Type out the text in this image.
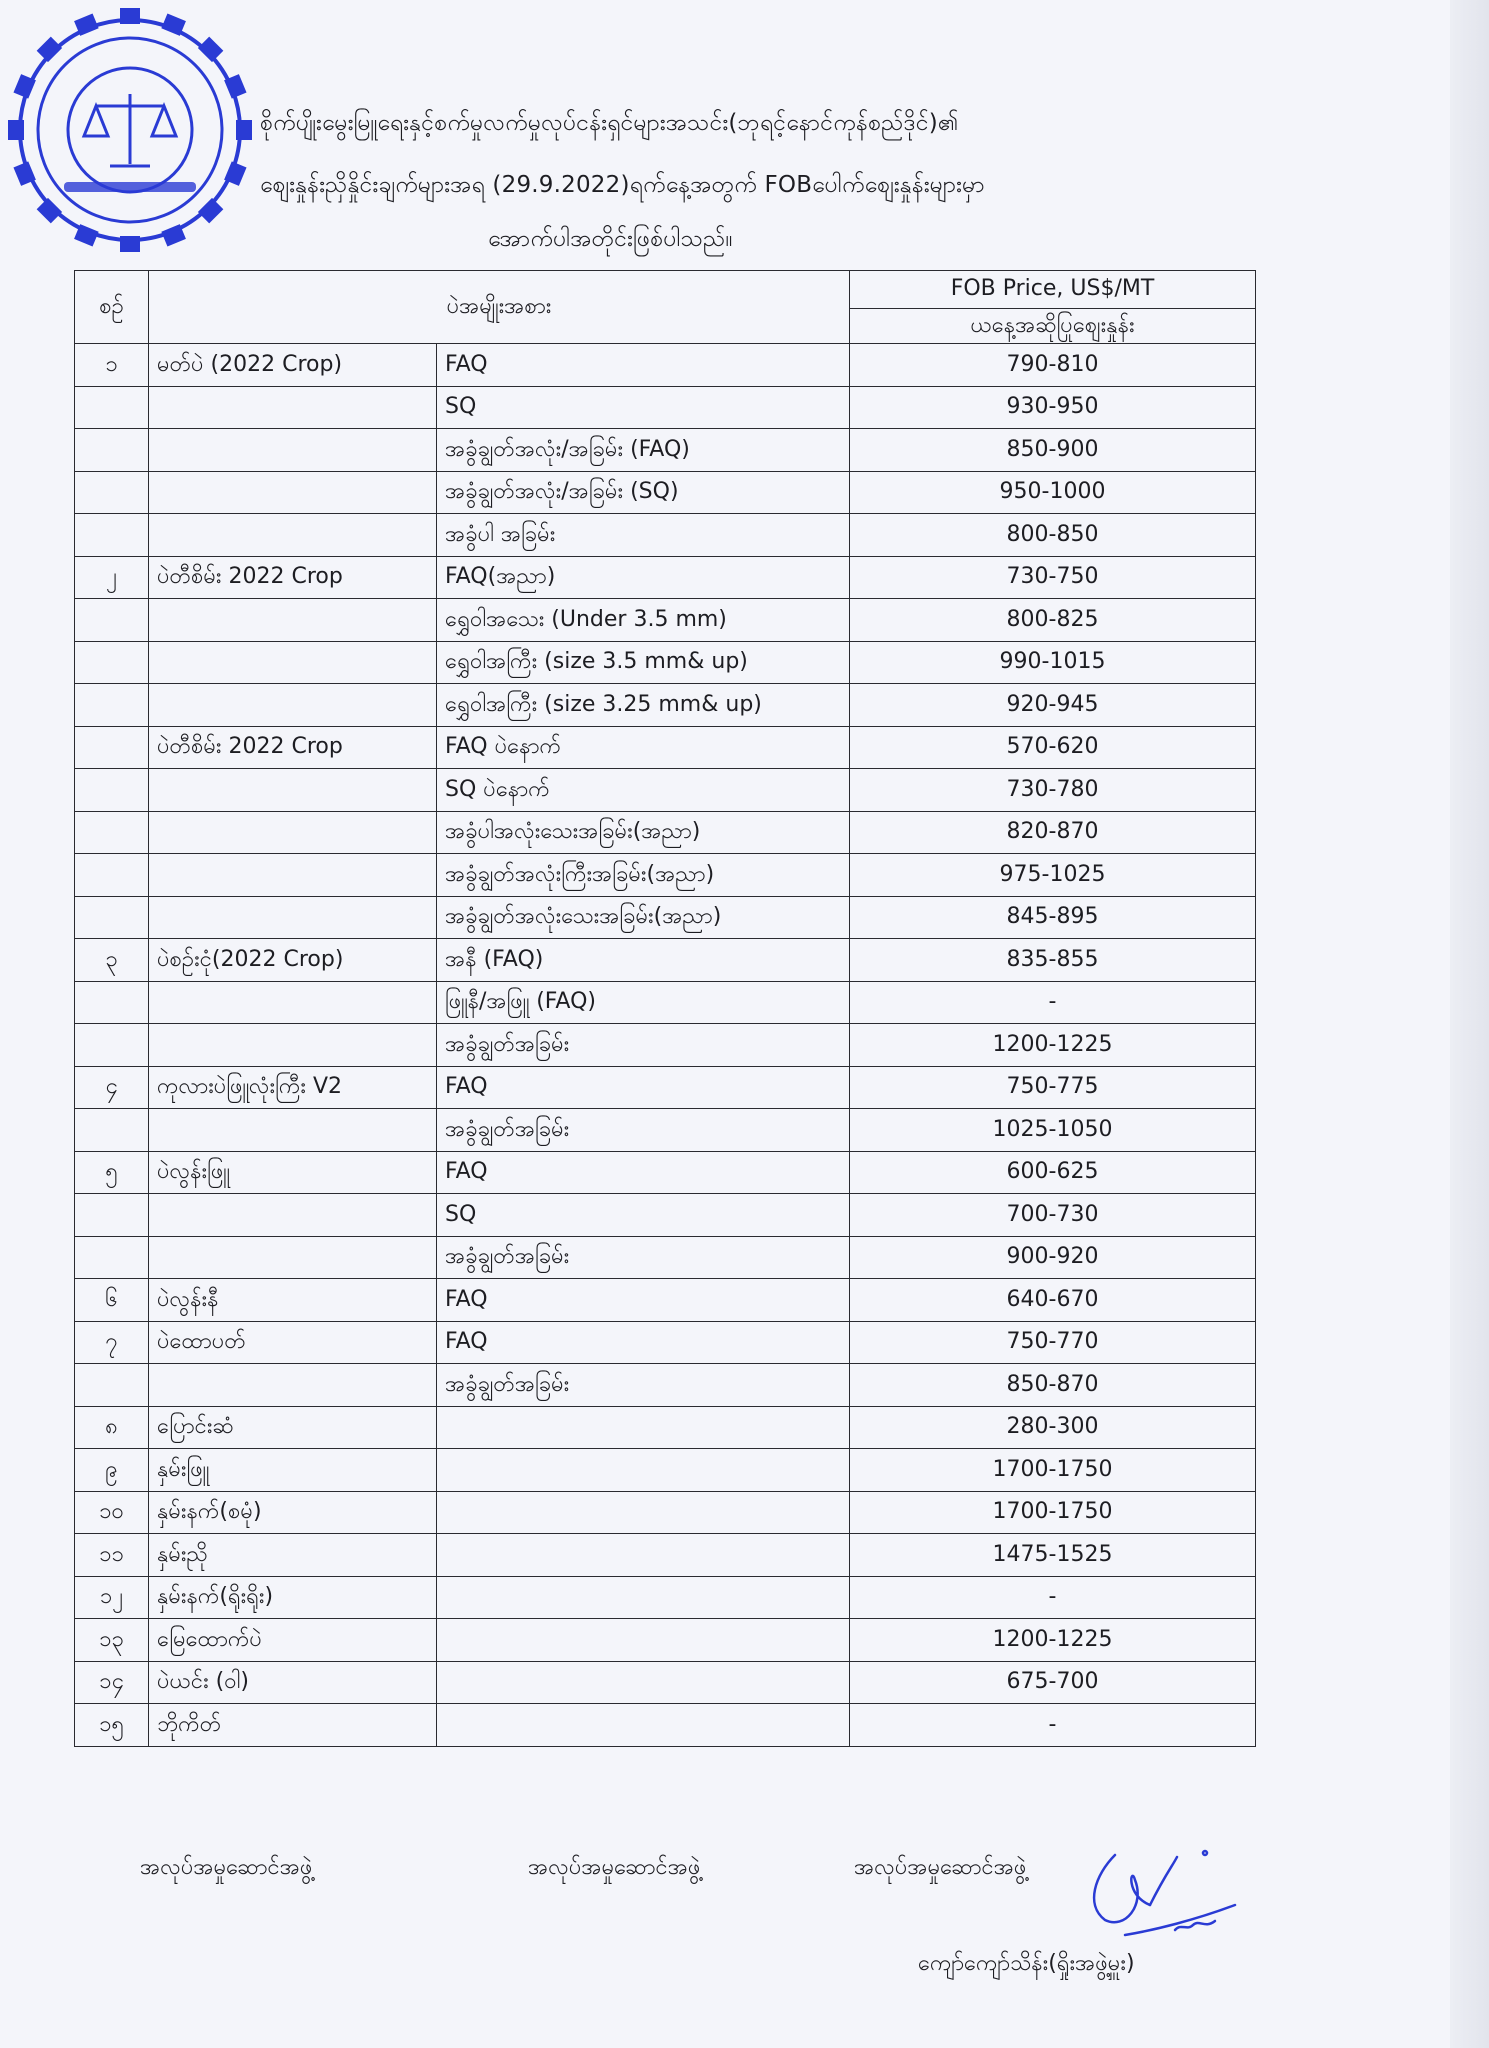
စိုက်ပျိုးမွေးမြူရေးနှင့်စက်မှုလက်မှုလုပ်ငန်းရှင်များအသင်း(ဘုရင့်နောင်ကုန်စည်ဒိုင်)၏
စျေးနှုန်းညှိနှိုင်းချက်များအရ (29.9.2022)ရက်နေ့အတွက် FOBပေါက်စျေးနှုန်းများမှာ
အောက်ပါအတိုင်းဖြစ်ပါသည်။
စဉ်	ပဲအမျိုးအစား		FOB Price, US$/MT
			ယနေ့အဆိုပြုစျေးနှုန်း
၁	မတ်ပဲ (2022 Crop)	FAQ	790-810
		SQ	930-950
		အခွံချွတ်အလုံး/အခြမ်း (FAQ)	850-900
		အခွံချွတ်အလုံး/အခြမ်း (SQ)	950-1000
		အခွံပါ အခြမ်း	800-850
၂	ပဲတီစိမ်း 2022 Crop	FAQ(အညာ)	730-750
		ရွှေဝါအသေး (Under 3.5 mm)	800-825
		ရွှေဝါအကြီး (size 3.5 mm& up)	990-1015
		ရွှေဝါအကြီး (size 3.25 mm& up)	920-945
	ပဲတီစိမ်း 2022 Crop	FAQ ပဲနောက်	570-620
		SQ ပဲနောက်	730-780
		အခွံပါအလုံးသေးအခြမ်း(အညာ)	820-870
		အခွံချွတ်အလုံးကြီးအခြမ်း(အညာ)	975-1025
		အခွံချွတ်အလုံးသေးအခြမ်း(အညာ)	845-895
၃	ပဲစဉ်းငုံ(2022 Crop)	အနီ (FAQ)	835-855
		ဖြူနီ/အဖြူ (FAQ)	-
		အခွံချွတ်အခြမ်း	1200-1225
၄	ကုလားပဲဖြူလုံးကြီး V2	FAQ	750-775
		အခွံချွတ်အခြမ်း	1025-1050
၅	ပဲလွန်းဖြူ	FAQ	600-625
		SQ	700-730
		အခွံချွတ်အခြမ်း	900-920
၆	ပဲလွန်းနီ	FAQ	640-670
၇	ပဲထောပတ်	FAQ	750-770
		အခွံချွတ်အခြမ်း	850-870
၈	ပြောင်းဆံ		280-300
၉	နှမ်းဖြူ		1700-1750
၁၀	နှမ်းနက်(စမုံ)		1700-1750
၁၁	နှမ်းညို		1475-1525
၁၂	နှမ်းနက်(ရိုးရိုး)		-
၁၃	မြေထောက်ပဲ		1200-1225
၁၄	ပဲယင်း (ဝါ)		675-700
၁၅	ဘိုကိတ်		-
အလုပ်အမှုဆောင်အဖွဲ့	အလုပ်အမှုဆောင်အဖွဲ့	အလုပ်အမှုဆောင်အဖွဲ့
ကျော်ကျော်သိန်း(ရှိုးအဖွဲ့မှူး)
